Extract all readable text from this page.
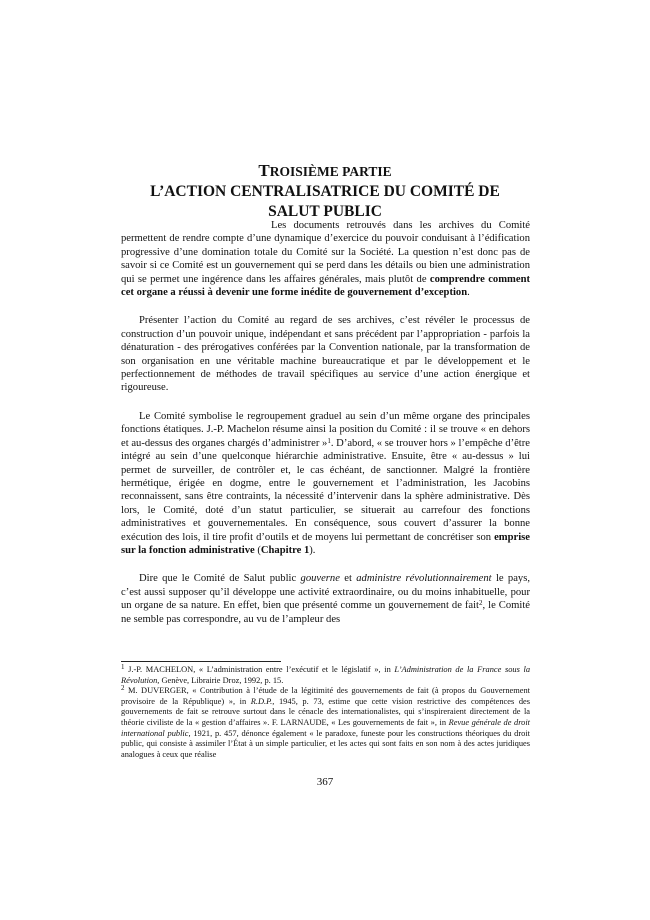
TROISIÈME PARTIE
L’ACTION CENTRALISATRICE DU COMITÉ DE
SALUT PUBLIC

Les documents retrouvés dans les archives du Comité permettent de rendre compte d’une dynamique d’exercice du pouvoir conduisant à l’édification progressive d’une domination totale du Comité sur la Société. La question n’est donc pas de savoir si ce Comité est un gouvernement qui se perd dans les détails ou bien une administration qui se permet une ingérence dans les affaires générales, mais plutôt de comprendre comment cet organe a réussi à devenir une forme inédite de gouvernement d’exception.

Présenter l’action du Comité au regard de ses archives, c’est révéler le processus de construction d’un pouvoir unique, indépendant et sans précédent par l’appropriation - parfois la dénaturation - des prérogatives conférées par la Convention nationale, par la transformation de son organisation en une véritable machine bureaucratique et par le développement et le perfectionnement de méthodes de travail spécifiques au service d’une action énergique et rigoureuse.

Le Comité symbolise le regroupement graduel au sein d’un même organe des principales fonctions étatiques. J.-P. Machelon résume ainsi la position du Comité : il se trouve « en dehors et au-dessus des organes chargés d’administrer »$^1$. D’abord, « se trouver hors » l’empêche d’être intégré au sein d’une quelconque hiérarchie administrative. Ensuite, être « au-dessus » lui permet de surveiller, de contrôler et, le cas échéant, de sanctionner. Malgré la frontière hermétique, érigée en dogme, entre le gouvernement et l’administration, les Jacobins reconnaissent, sans être contraints, la nécessité d’intervenir dans la sphère administrative. Dès lors, le Comité, doté d’un statut particulier, se situerait au carrefour des fonctions administratives et gouvernementales. En conséquence, sous couvert d’assurer la bonne exécution des lois, il tire profit d’outils et de moyens lui permettant de concrétiser son emprise sur la fonction administrative (Chapitre 1).

Dire que le Comité de Salut public gouverne et administre révolutionnairement le pays, c’est aussi supposer qu’il développe une activité extraordinaire, ou du moins inhabituelle, pour un organe de sa nature. En effet, bien que présenté comme un gouvernement de fait$^2$, le Comité ne semble pas correspondre, au vu de l’ampleur des

$^1$ J.-P. MACHELON, « L’administration entre l’exécutif et le législatif », in L’Administration de la France sous la Révolution, Genève, Librairie Droz, 1992, p. 15.

$^2$ M. DUVERGER, « Contribution à l’étude de la légitimité des gouvernements de fait (à propos du Gouvernement provisoire de la République) », in R.D.P., 1945, p. 73, estime que cette vision restrictive des compétences des gouvernements de fait se retrouve surtout dans le cénacle des internationalistes, qui s’inspireraient directement de la théorie civiliste de la « gestion d’affaires ». F. LARNAUDE, « Les gouvernements de fait », in Revue générale de droit international public, 1921, p. 457, dénonce également « le paradoxe, funeste pour les constructions théoriques du droit public, qui consiste à assimiler l’État à un simple particulier, et les actes qui sont faits en son nom à des actes juridiques analogues à ceux que réalise

367
